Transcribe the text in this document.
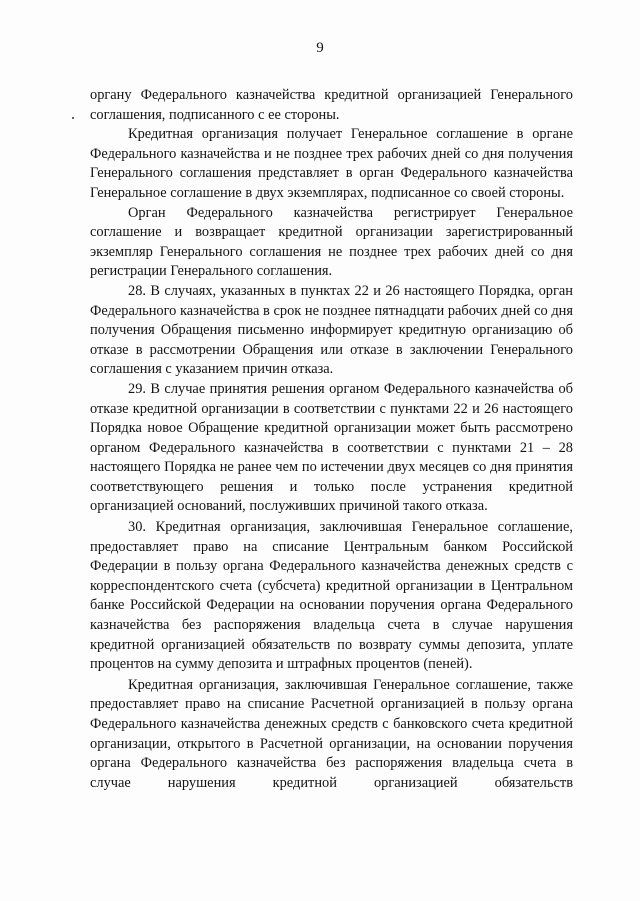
9

органу Федерального казначейства кредитной организацией Генерального соглашения, подписанного с ее стороны.

Кредитная организация получает Генеральное соглашение в органе Федерального казначейства и не позднее трех рабочих дней со дня получения Генерального соглашения представляет в орган Федерального казначейства Генеральное соглашение в двух экземплярах, подписанное со своей стороны.

Орган Федерального казначейства регистрирует Генеральное соглашение и возвращает кредитной организации зарегистрированный экземпляр Генерального соглашения не позднее трех рабочих дней со дня регистрации Генерального соглашения.

28. В случаях, указанных в пунктах 22 и 26 настоящего Порядка, орган Федерального казначейства в срок не позднее пятнадцати рабочих дней со дня получения Обращения письменно информирует кредитную организацию об отказе в рассмотрении Обращения или отказе в заключении Генерального соглашения с указанием причин отказа.

29. В случае принятия решения органом Федерального казначейства об отказе кредитной организации в соответствии с пунктами 22 и 26 настоящего Порядка новое Обращение кредитной организации может быть рассмотрено органом Федерального казначейства в соответствии с пунктами 21 – 28 настоящего Порядка не ранее чем по истечении двух месяцев со дня принятия соответствующего решения и только после устранения кредитной организацией оснований, послуживших причиной такого отказа.

30. Кредитная организация, заключившая Генеральное соглашение, предоставляет право на списание Центральным банком Российской Федерации в пользу органа Федерального казначейства денежных средств с корреспондентского счета (субсчета) кредитной организации в Центральном банке Российской Федерации на основании поручения органа Федерального казначейства без распоряжения владельца счета в случае нарушения кредитной организацией обязательств по возврату суммы депозита, уплате процентов на сумму депозита и штрафных процентов (пеней).

Кредитная организация, заключившая Генеральное соглашение, также предоставляет право на списание Расчетной организацией в пользу органа Федерального казначейства денежных средств с банковского счета кредитной организации, открытого в Расчетной организации, на основании поручения органа Федерального казначейства без распоряжения владельца счета в случае нарушения кредитной организацией обязательств
